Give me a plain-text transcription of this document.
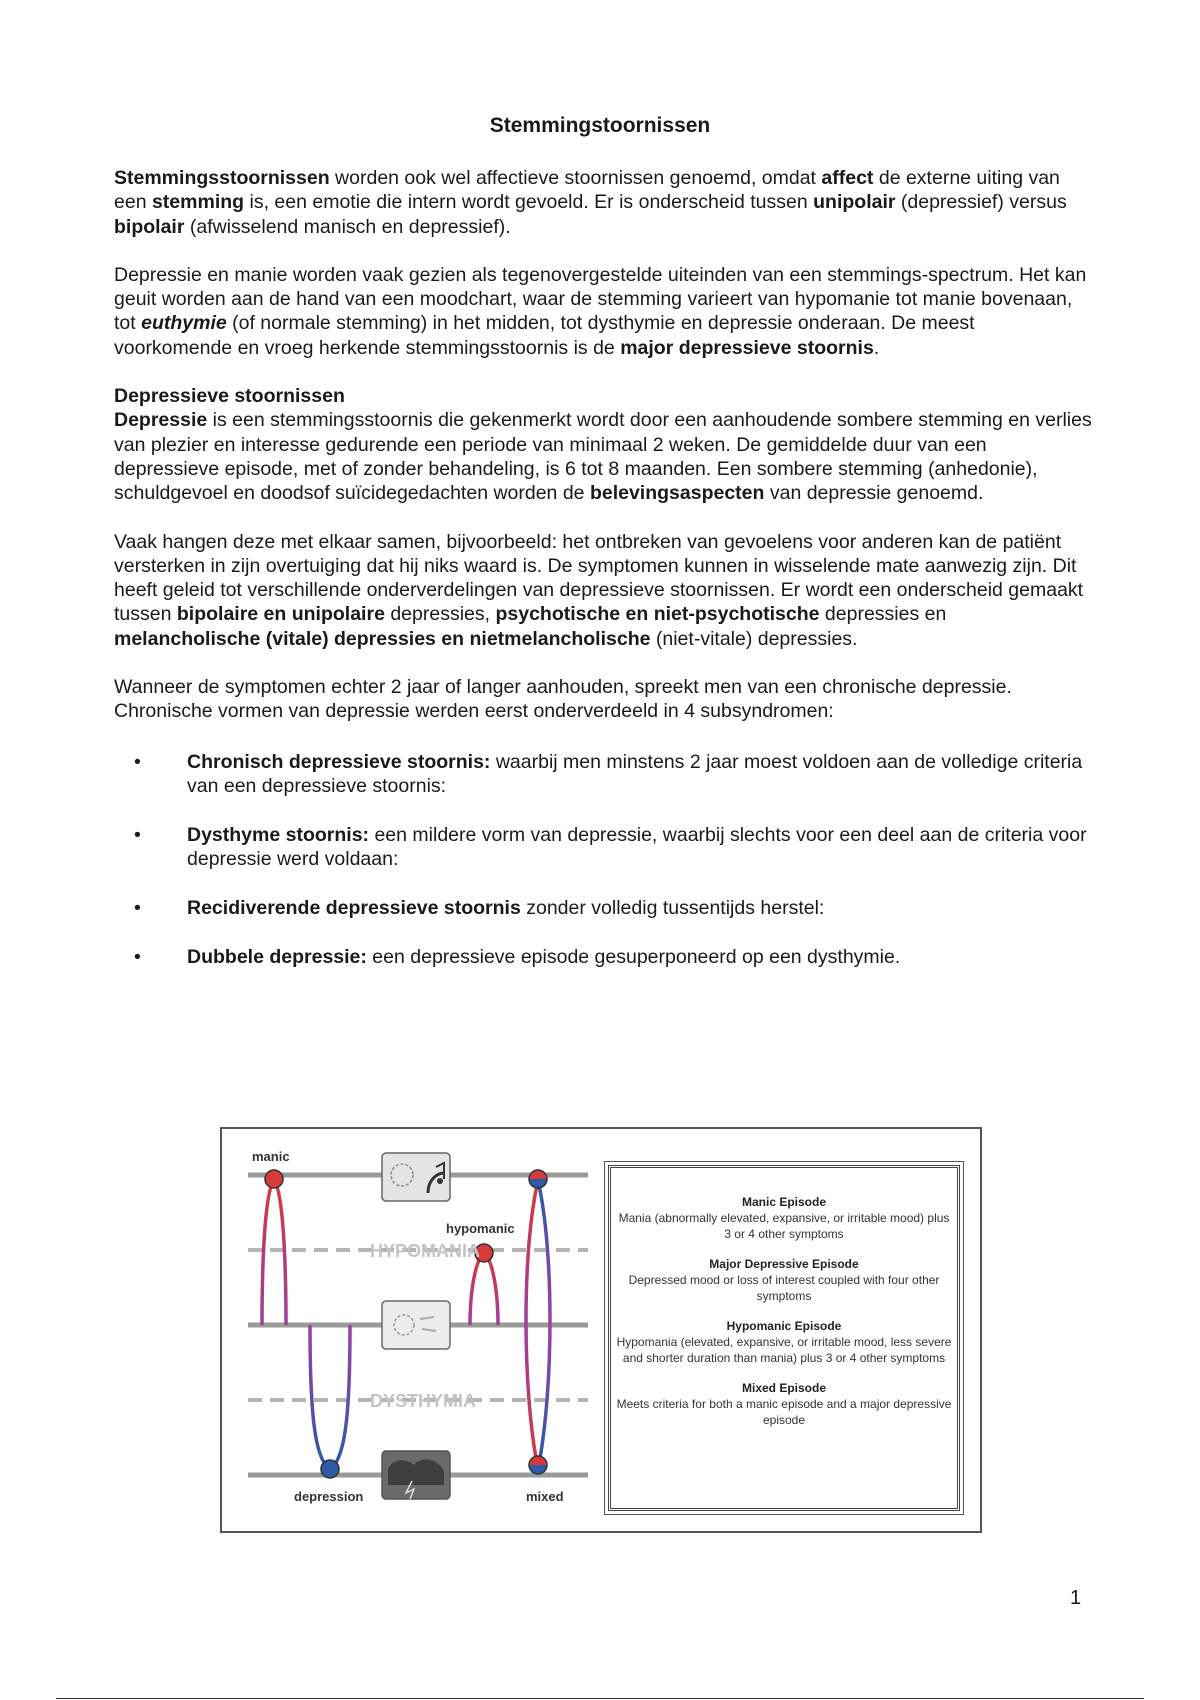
Stemmingstoornissen

Stemmingsstoornissen worden ook wel affectieve stoornissen genoemd, omdat affect de externe uiting van een stemming is, een emotie die intern wordt gevoeld. Er is onderscheid tussen unipolair (depressief) versus bipolair (afwisselend manisch en depressief).

Depressie en manie worden vaak gezien als tegenovergestelde uiteinden van een stemmings-spectrum. Het kan geuit worden aan de hand van een moodchart, waar de stemming varieert van hypomanie tot manie bovenaan, tot euthymie (of normale stemming) in het midden, tot dysthymie en depressie onderaan. De meest voorkomende en vroeg herkende stemmingsstoornis is de major depressieve stoornis.

Depressieve stoornissen
Depressie is een stemmingsstoornis die gekenmerkt wordt door een aanhoudende sombere stemming en verlies van plezier en interesse gedurende een periode van minimaal 2 weken. De gemiddelde duur van een depressieve episode, met of zonder behandeling, is 6 tot 8 maanden. Een sombere stemming (anhedonie), schuldgevoel en doodsof suïcidegedachten worden de belevingsaspecten van depressie genoemd.

Vaak hangen deze met elkaar samen, bijvoorbeeld: het ontbreken van gevoelens voor anderen kan de patiënt versterken in zijn overtuiging dat hij niks waard is. De symptomen kunnen in wisselende mate aanwezig zijn. Dit heeft geleid tot verschillende onderverdelingen van depressieve stoornissen. Er wordt een onderscheid gemaakt tussen bipolaire en unipolaire depressies, psychotische en niet-psychotische depressies en melancholische (vitale) depressies en nietmelancholische (niet-vitale) depressies.

Wanneer de symptomen echter 2 jaar of langer aanhouden, spreekt men van een chronische depressie. Chronische vormen van depressie werden eerst onderverdeeld in 4 subsyndromen:

• Chronisch depressieve stoornis: waarbij men minstens 2 jaar moest voldoen aan de volledige criteria van een depressieve stoornis:
• Dysthyme stoornis: een mildere vorm van depressie, waarbij slechts voor een deel aan de criteria voor depressie werd voldaan:
• Recidiverende depressieve stoornis zonder volledig tussentijds herstel:
• Dubbele depressie: een depressieve episode gesuperponeerd op een dysthymie.
manic
hypomanic
HYPOMANIA
DYSTHYMIA
depression	mixed
Manic Episode
Mania (abnormally elevated, expansive, or irritable mood) plus 3 or 4 other symptoms
Major Depressive Episode
Depressed mood or loss of interest coupled with four other symptoms
Hypomanic Episode
Hypomania (elevated, expansive, or irritable mood, less severe and shorter duration than mania) plus 3 or 4 other symptoms
Mixed Episode
Meets criteria for both a manic episode and a major depressive episode
1
